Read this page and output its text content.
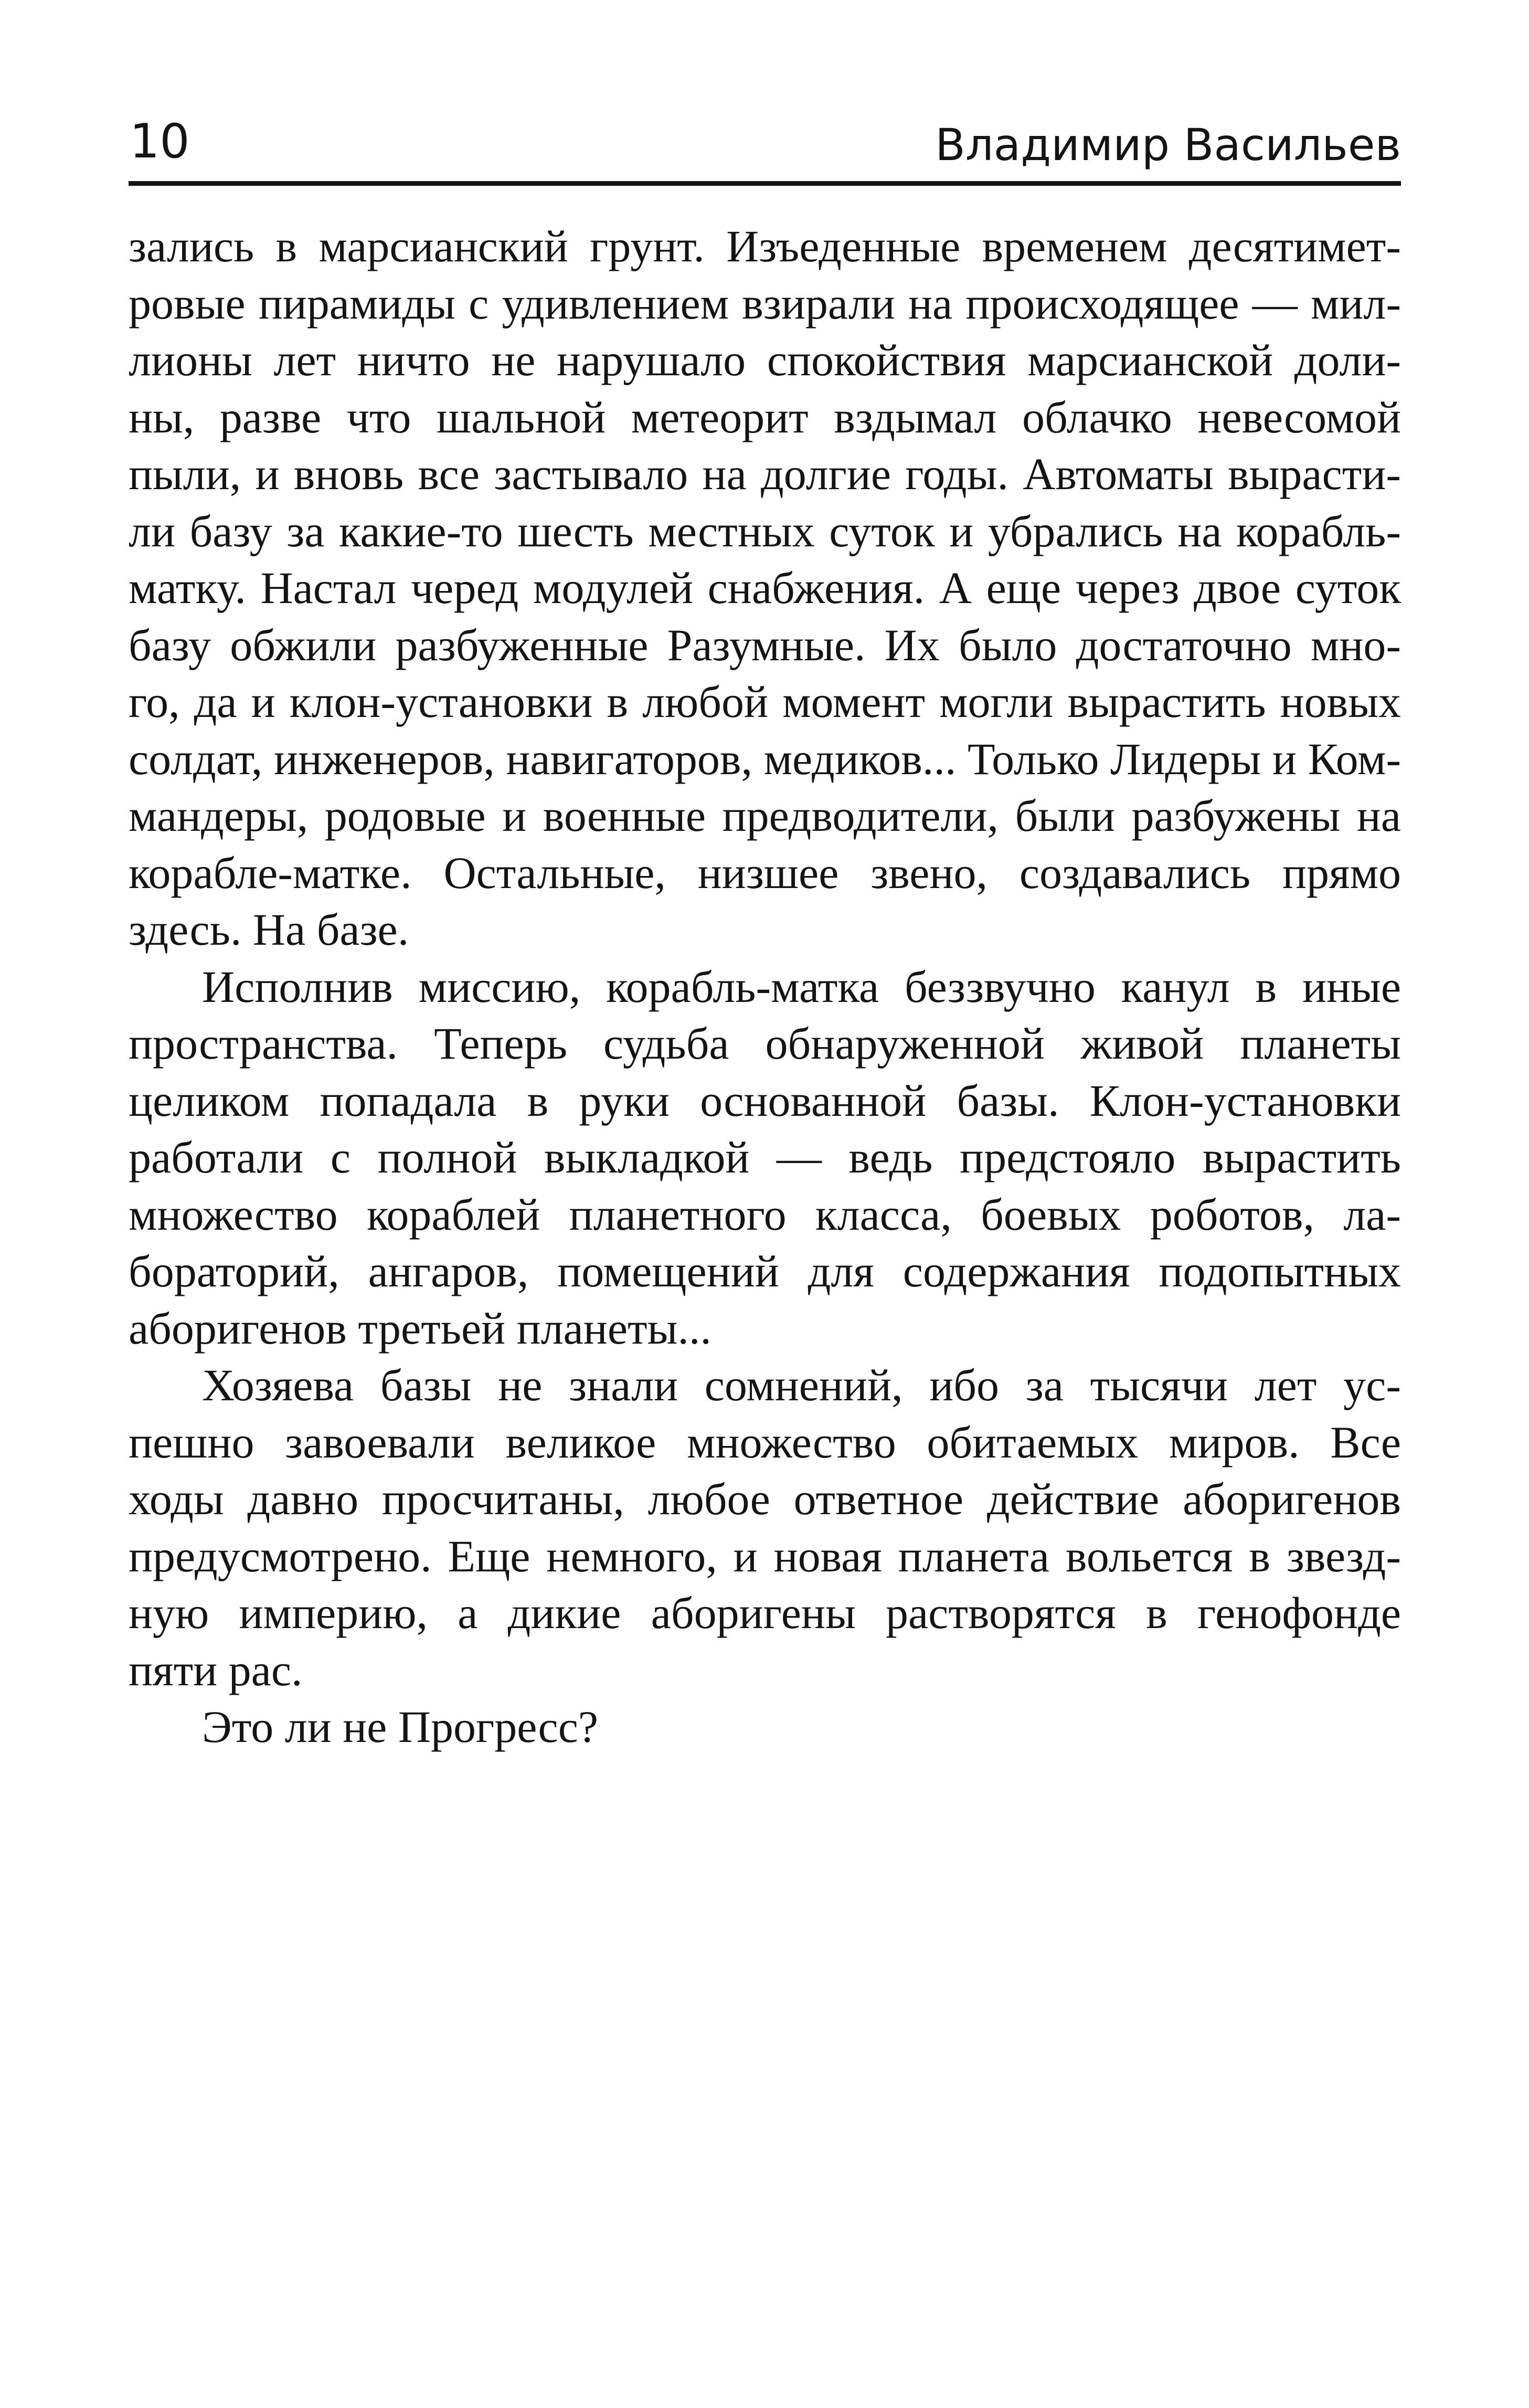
10	Владимир Васильев
зались в марсианский грунт. Изъеденные временем десятимет-
ровые пирамиды с удивлением взирали на происходящее — мил-
лионы лет ничто не нарушало спокойствия марсианской доли-
ны, разве что шальной метеорит вздымал облачко невесомой
пыли, и вновь все застывало на долгие годы. Автоматы вырасти-
ли базу за какие-то шесть местных суток и убрались на корабль-
матку. Настал черед модулей снабжения. А еще через двое суток
базу обжили разбуженные Разумные. Их было достаточно мно-
го, да и клон-установки в любой момент могли вырастить новых
солдат, инженеров, навигаторов, медиков... Только Лидеры и Ком-
мандеры, родовые и военные предводители, были разбужены на
корабле-матке. Остальные, низшее звено, создавались прямо
здесь. На базе.
Исполнив миссию, корабль-матка беззвучно канул в иные
пространства. Теперь судьба обнаруженной живой планеты
целиком попадала в руки основанной базы. Клон-установки
работали с полной выкладкой — ведь предстояло вырастить
множество кораблей планетного класса, боевых роботов, ла-
бораторий, ангаров, помещений для содержания подопытных
аборигенов третьей планеты...
Хозяева базы не знали сомнений, ибо за тысячи лет ус-
пешно завоевали великое множество обитаемых миров. Все
ходы давно просчитаны, любое ответное действие аборигенов
предусмотрено. Еще немного, и новая планета вольется в звезд-
ную империю, а дикие аборигены растворятся в генофонде
пяти рас.
Это ли не Прогресс?
